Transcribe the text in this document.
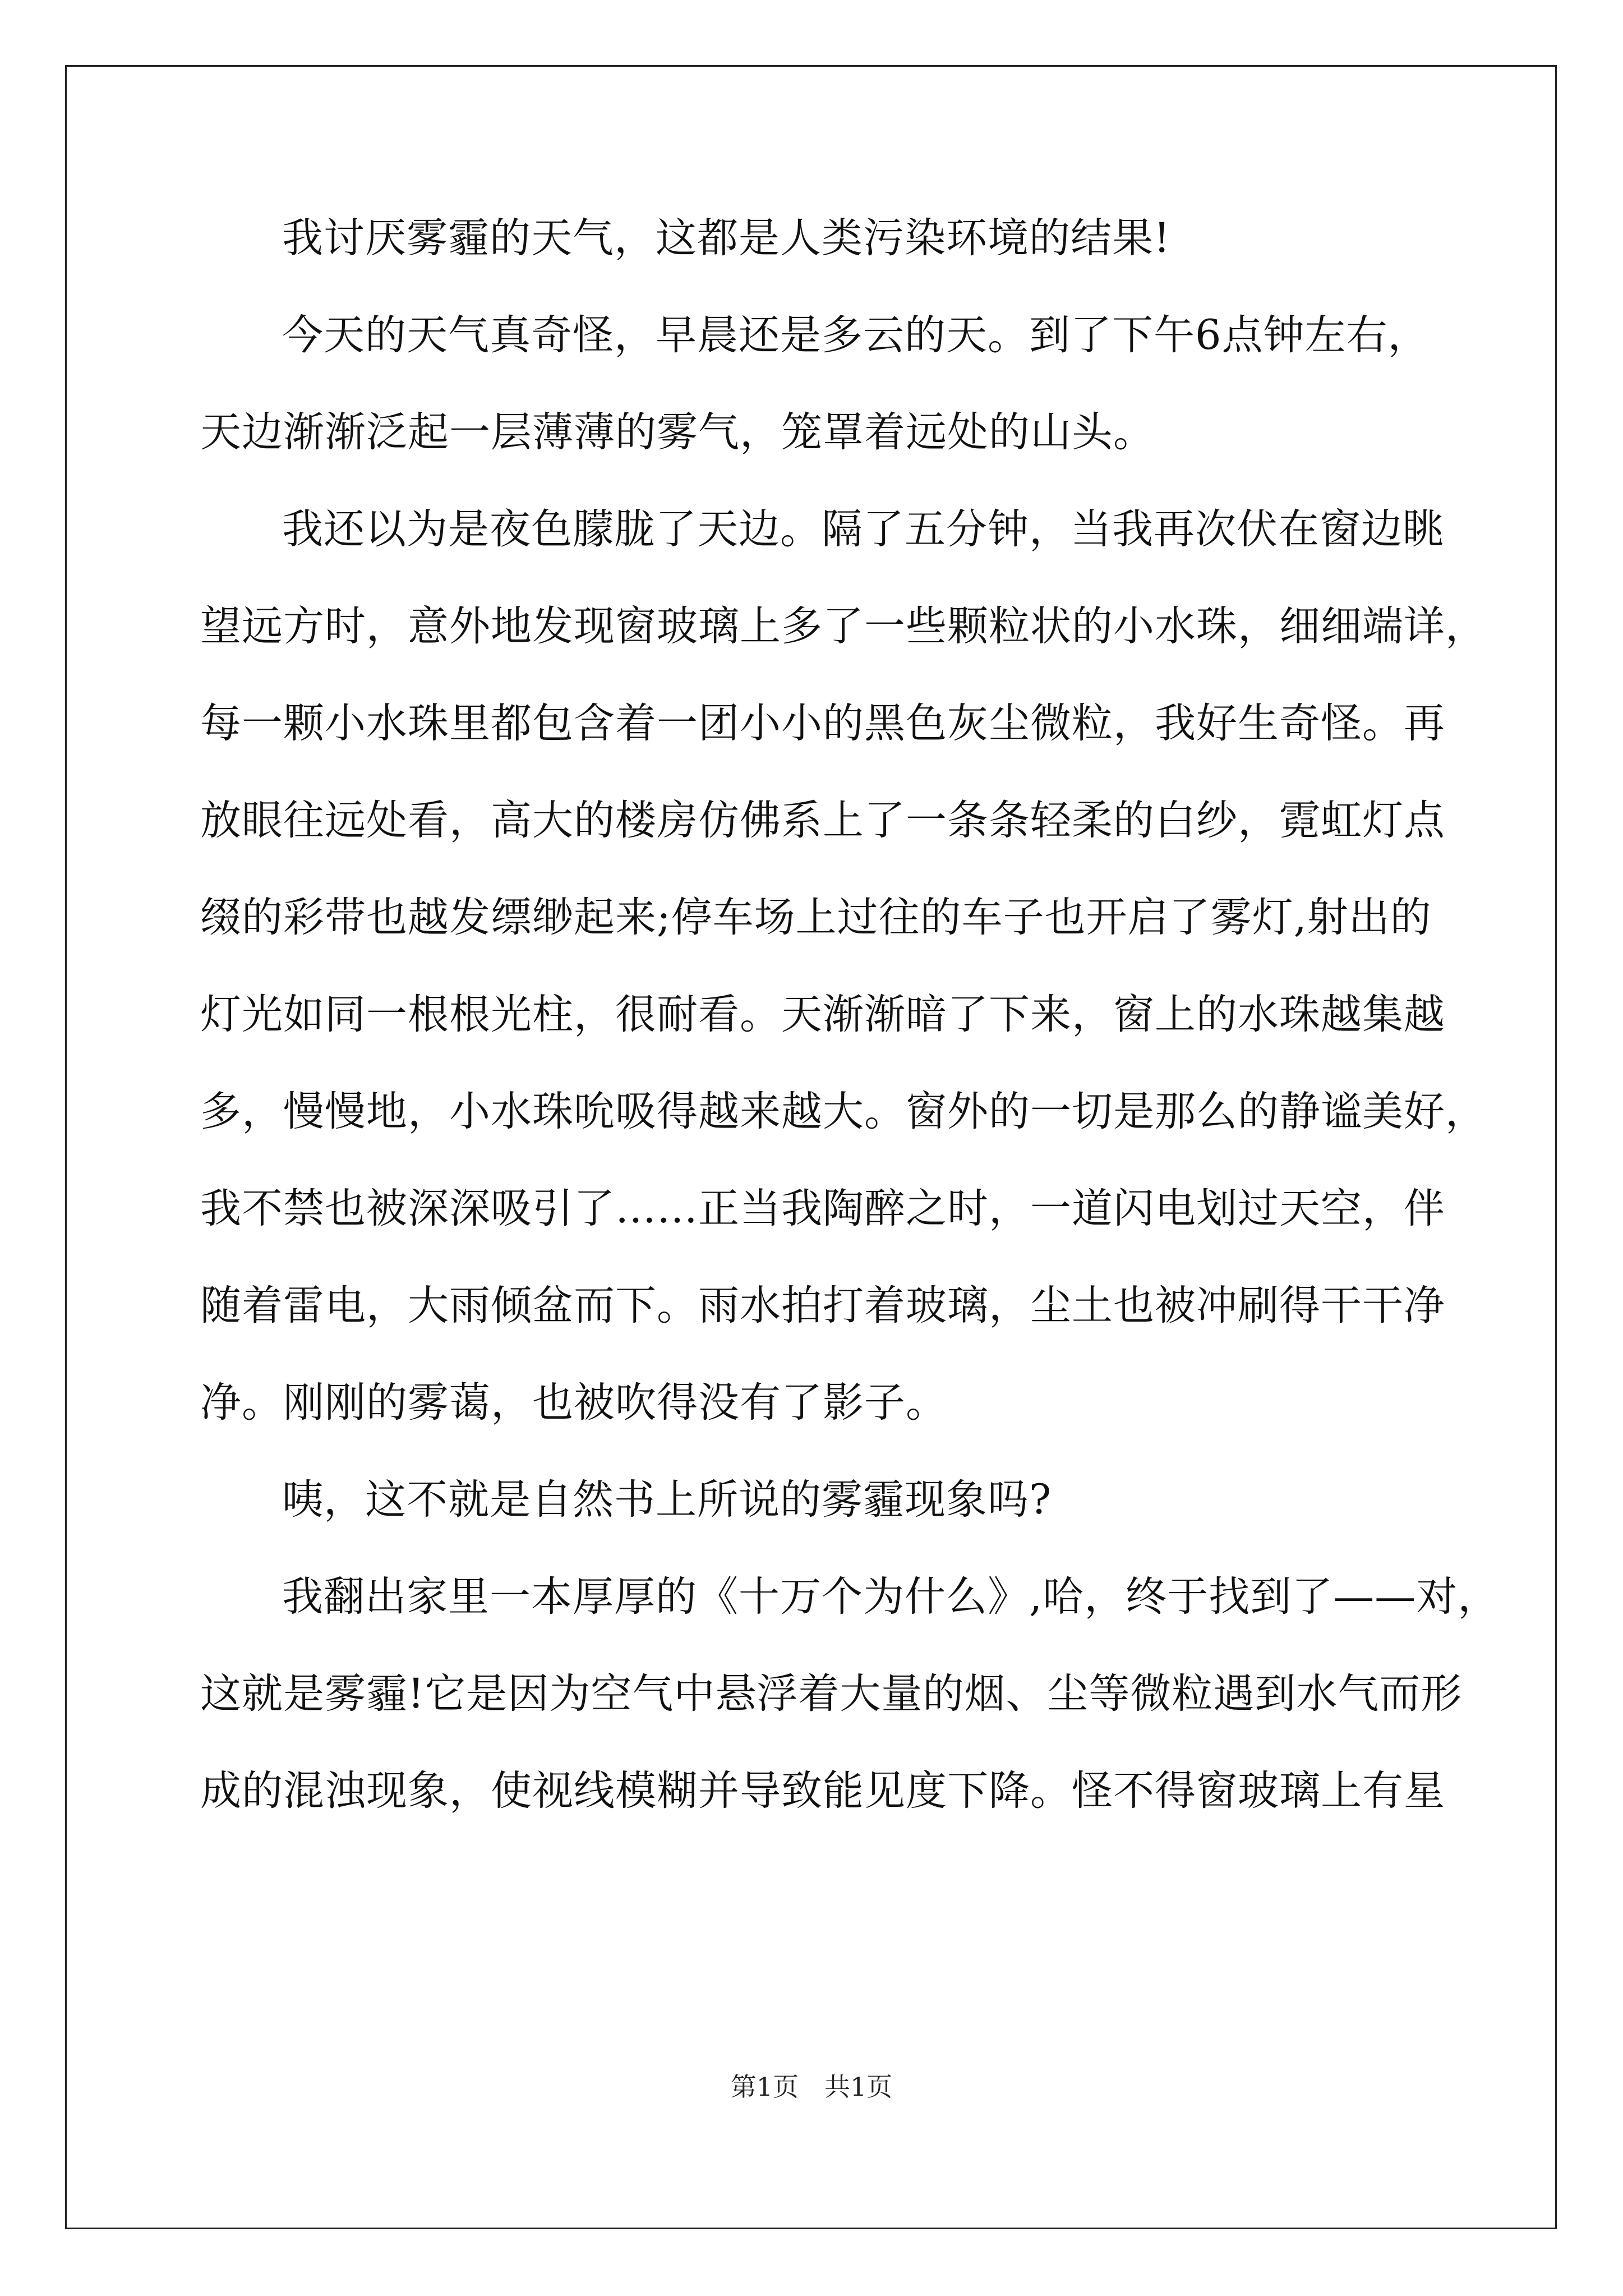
我讨厌雾霾的天气，这都是人类污染环境的结果!
今天的天气真奇怪，早晨还是多云的天。到了下午6点钟左右，
天边渐渐泛起一层薄薄的雾气，笼罩着远处的山头。
我还以为是夜色朦胧了天边。隔了五分钟，当我再次伏在窗边眺
望远方时，意外地发现窗玻璃上多了一些颗粒状的小水珠，细细端详，
每一颗小水珠里都包含着一团小小的黑色灰尘微粒，我好生奇怪。再
放眼往远处看，高大的楼房仿佛系上了一条条轻柔的白纱，霓虹灯点
缀的彩带也越发缥缈起来;停车场上过往的车子也开启了雾灯,射出的
灯光如同一根根光柱，很耐看。天渐渐暗了下来，窗上的水珠越集越
多，慢慢地，小水珠吮吸得越来越大。窗外的一切是那么的静谧美好，
我不禁也被深深吸引了……正当我陶醉之时，一道闪电划过天空，伴
随着雷电，大雨倾盆而下。雨水拍打着玻璃，尘土也被冲刷得干干净
净。刚刚的雾蔼，也被吹得没有了影子。
咦，这不就是自然书上所说的雾霾现象吗?
我翻出家里一本厚厚的《十万个为什么》,哈，终于找到了——对，
这就是雾霾!它是因为空气中悬浮着大量的烟、尘等微粒遇到水气而形
成的混浊现象，使视线模糊并导致能见度下降。怪不得窗玻璃上有星
第1页　共1页
